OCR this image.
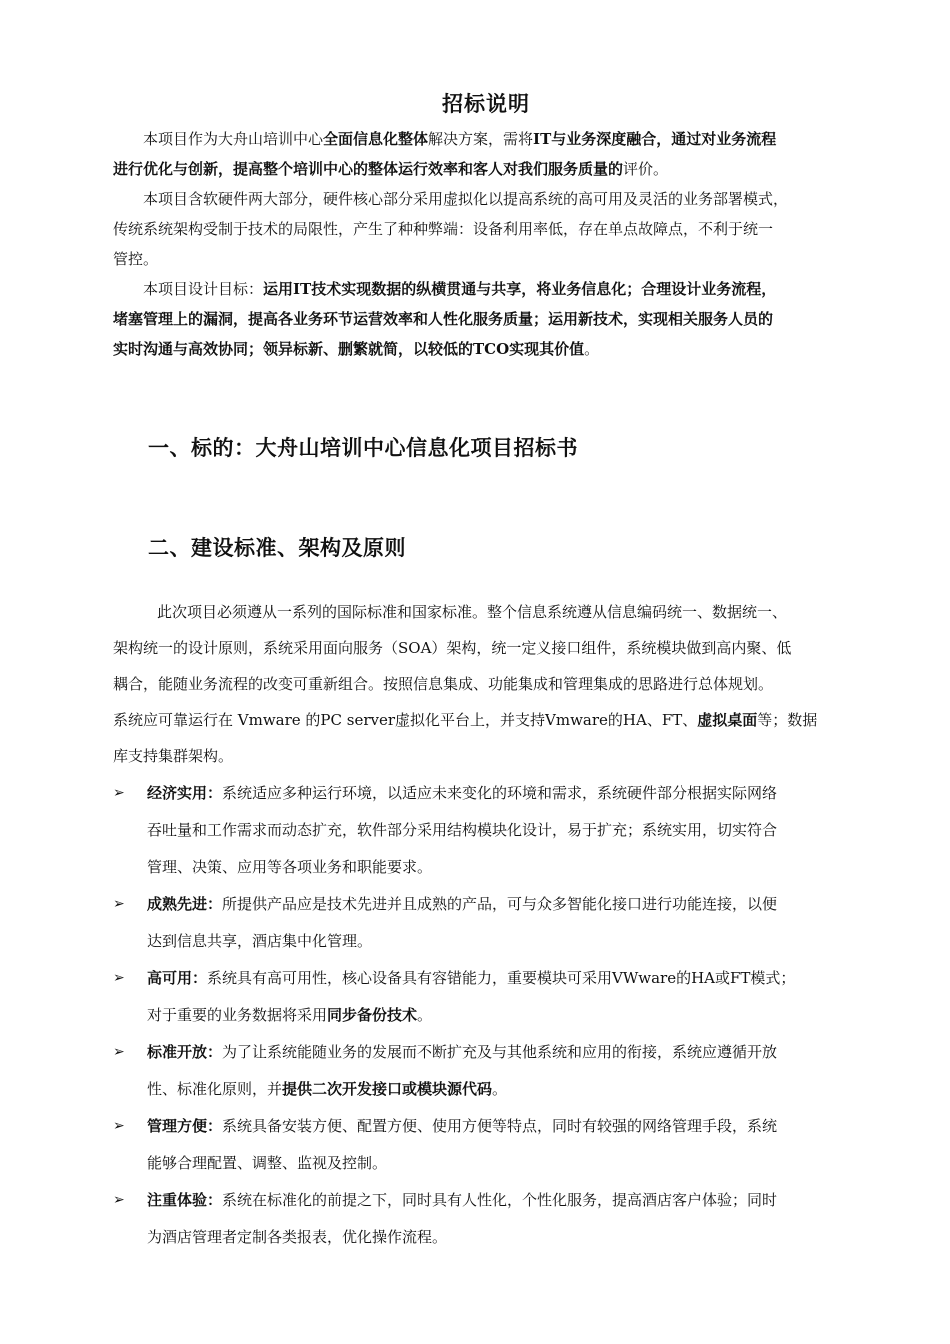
招标说明

本项目作为大舟山培训中心全面信息化整体解决方案，需将IT与业务深度融合，通过对业务流程

进行优化与创新，提高整个培训中心的整体运行效率和客人对我们服务质量的评价。

本项目含软硬件两大部分，硬件核心部分采用虚拟化以提高系统的高可用及灵活的业务部署模式，

传统系统架构受制于技术的局限性，产生了种种弊端：设备利用率低，存在单点故障点，不利于统一

管控。

本项目设计目标：运用IT技术实现数据的纵横贯通与共享，将业务信息化；合理设计业务流程，

堵塞管理上的漏洞，提高各业务环节运营效率和人性化服务质量；运用新技术，实现相关服务人员的

实时沟通与高效协同；领异标新、删繁就简，以较低的TCO实现其价值。

一、标的：大舟山培训中心信息化项目招标书
二、建设标准、架构及原则
此次项目必须遵从一系列的国际标准和国家标准。整个信息系统遵从信息编码统一、数据统一、
架构统一的设计原则，系统采用面向服务（SOA）架构，统一定义接口组件，系统模块做到高内聚、低
耦合，能随业务流程的改变可重新组合。按照信息集成、功能集成和管理集成的思路进行总体规划。
系统应可靠运行在 Vmware 的PC server虚拟化平台上，并支持Vmware的HA、FT、虚拟桌面等；数据
库支持集群架构。
➢	经济实用：系统适应多种运行环境，以适应未来变化的环境和需求，系统硬件部分根据实际网络
吞吐量和工作需求而动态扩充，软件部分采用结构模块化设计，易于扩充；系统实用，切实符合
管理、决策、应用等各项业务和职能要求。
➢	成熟先进：所提供产品应是技术先进并且成熟的产品，可与众多智能化接口进行功能连接，以便
达到信息共享，酒店集中化管理。
➢	高可用：系统具有高可用性，核心设备具有容错能力，重要模块可采用VWware的HA或FT模式；
对于重要的业务数据将采用同步备份技术。
➢	标准开放：为了让系统能随业务的发展而不断扩充及与其他系统和应用的衔接，系统应遵循开放
性、标准化原则，并提供二次开发接口或模块源代码。
➢	管理方便：系统具备安装方便、配置方便、使用方便等特点，同时有较强的网络管理手段，系统
能够合理配置、调整、监视及控制。
➢	注重体验：系统在标准化的前提之下，同时具有人性化，个性化服务，提高酒店客户体验；同时
为酒店管理者定制各类报表，优化操作流程。
